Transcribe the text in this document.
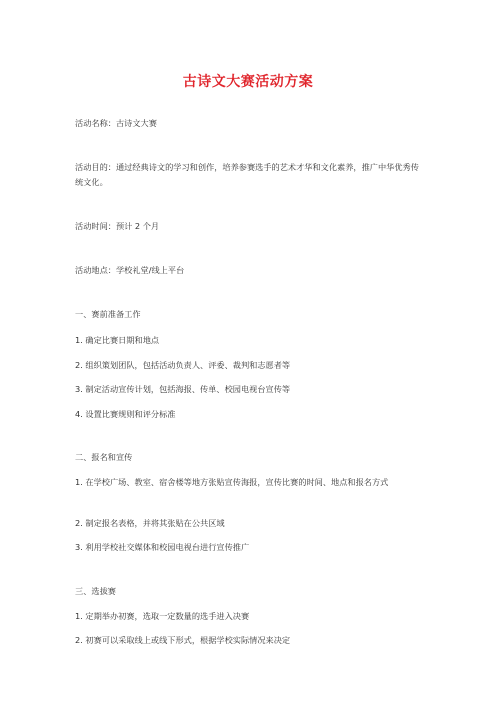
古诗文大赛活动方案
活动名称：古诗文大赛
活动目的：通过经典诗文的学习和创作，培养参赛选手的艺术才华和文化素养，推广中华优秀传统文化。
活动时间：预计 2 个月
活动地点：学校礼堂/线上平台
一、赛前准备工作
1. 确定比赛日期和地点
2. 组织策划团队，包括活动负责人、评委、裁判和志愿者等
3. 制定活动宣传计划，包括海报、传单、校园电视台宣传等
4. 设置比赛规则和评分标准
二、报名和宣传
1. 在学校广场、教室、宿舍楼等地方张贴宣传海报，宣传比赛的时间、地点和报名方式
2. 制定报名表格，并将其张贴在公共区域
3. 利用学校社交媒体和校园电视台进行宣传推广
三、选拔赛
1. 定期举办初赛，选取一定数量的选手进入决赛
2. 初赛可以采取线上或线下形式，根据学校实际情况来决定
